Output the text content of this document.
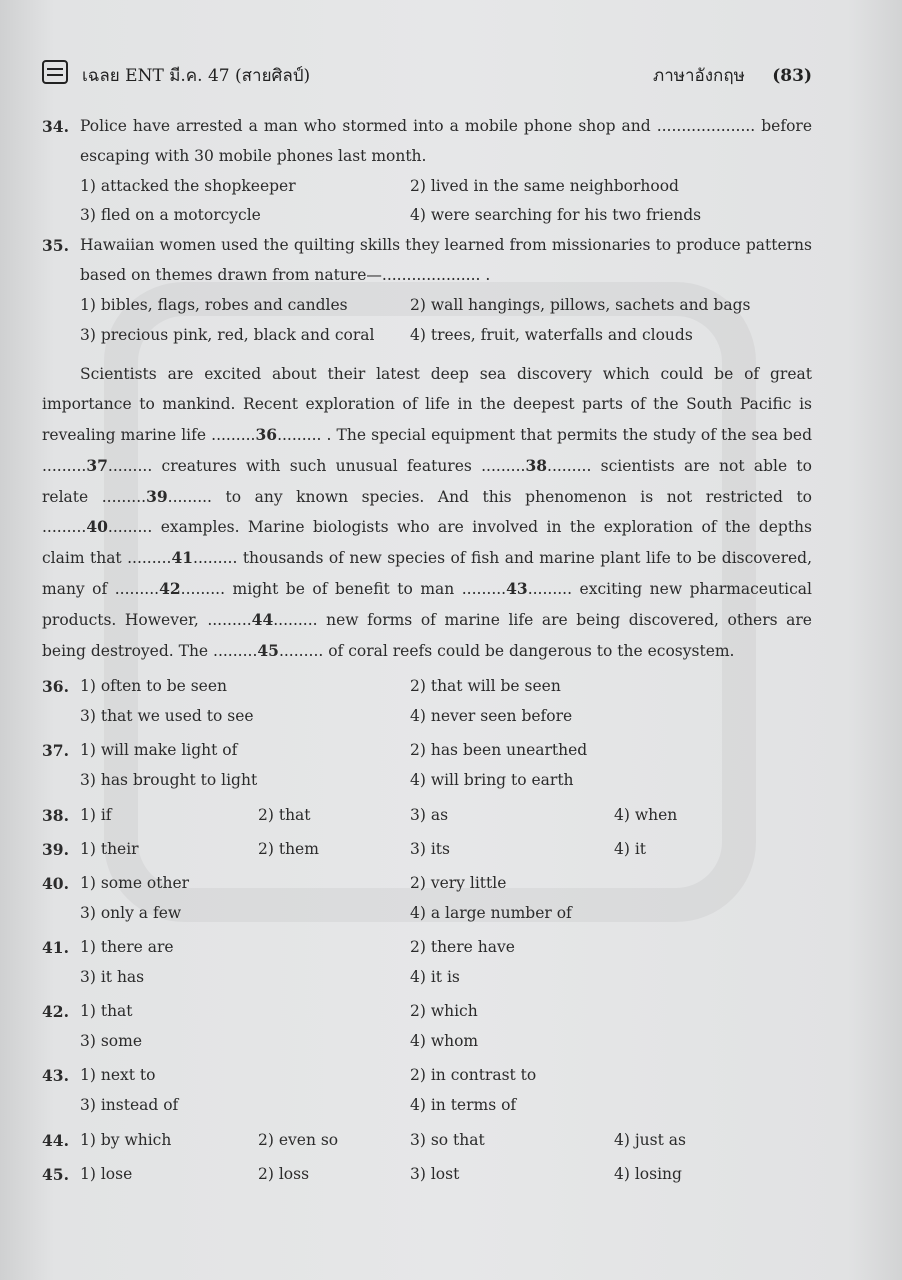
เฉลย ENT มี.ค. 47 (สายศิลป์)	ภาษาอังกฤษ (83)
34. Police have arrested a man who stormed into a mobile phone shop and .................... before escaping with 30 mobile phones last month.
1) attacked the shopkeeper	2) lived in the same neighborhood
3) fled on a motorcycle	4) were searching for his two friends
35. Hawaiian women used the quilting skills they learned from missionaries to produce patterns based on themes drawn from nature—.................... .
1) bibles, flags, robes and candles	2) wall hangings, pillows, sachets and bags
3) precious pink, red, black and coral	4) trees, fruit, waterfalls and clouds
Scientists are excited about their latest deep sea discovery which could be of great importance to mankind. Recent exploration of life in the deepest parts of the South Pacific is revealing marine life .........36......... . The special equipment that permits the study of the sea bed .........37......... creatures with such unusual features .........38......... scientists are not able to relate .........39......... to any known species. And this phenomenon is not restricted to .........40......... examples. Marine biologists who are involved in the exploration of the depths claim that .........41......... thousands of new species of fish and marine plant life to be discovered, many of .........42......... might be of benefit to man .........43......... exciting new pharmaceutical products. However, .........44......... new forms of marine life are being discovered, others are being destroyed. The .........45......... of coral reefs could be dangerous to the ecosystem.
36. 1) often to be seen	2) that will be seen
3) that we used to see	4) never seen before
37. 1) will make light of	2) has been unearthed
3) has brought to light	4) will bring to earth
38. 1) if	2) that	3) as	4) when
39. 1) their	2) them	3) its	4) it
40. 1) some other	2) very little
3) only a few	4) a large number of
41. 1) there are	2) there have
3) it has	4) it is
42. 1) that	2) which
3) some	4) whom
43. 1) next to	2) in contrast to
3) instead of	4) in terms of
44. 1) by which	2) even so	3) so that	4) just as
45. 1) lose	2) loss	3) lost	4) losing
